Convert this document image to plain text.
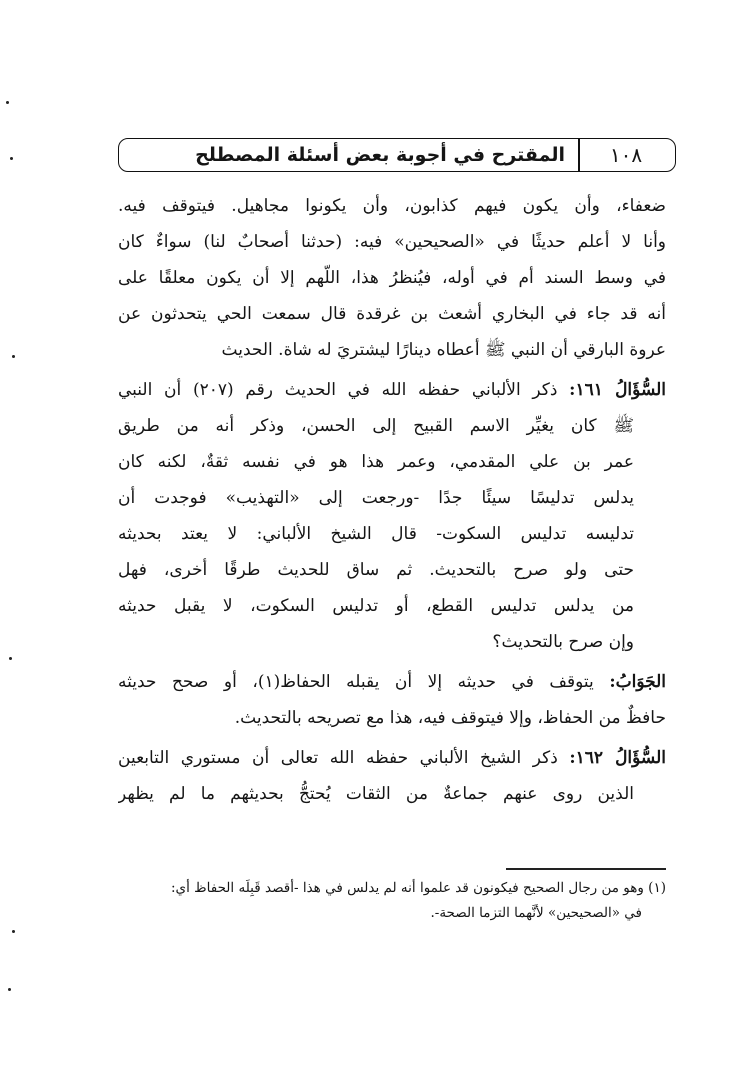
المقترح في أجوبة بعض أسئلة المصطلح	١٠٨
ضعفاء، وأن يكون فيهم كذابون، وأن يكونوا مجاهيل. فيتوقف فيه.
وأنا لا أعلم حديثًا في «الصحيحين» فيه: (حدثنا أصحابٌ لنا) سواءٌ كان
في وسط السند أم في أوله، فيُنظرُ هذا، اللّهم إلا أن يكون معلقًا على
أنه قد جاء في البخاري أشعث بن غرقدة قال سمعت الحي يتحدثون عن
عروة البارقي أن النبي ﷺ أعطاه دينارًا ليشتريَ له شاة. الحديث
السُّؤَالُ ١٦١: ذكر الألباني حفظه الله في الحديث رقم (٢٠٧) أن النبي
ﷺ كان يغيِّر الاسم القبيح إلى الحسن، وذكر أنه من طريق
عمر بن علي المقدمي، وعمر هذا هو في نفسه ثقةٌ، لكنه كان
يدلس تدليسًا سيئًا جدًا -ورجعت إلى «التهذيب» فوجدت أن
تدليسه تدليس السكوت- قال الشيخ الألباني: لا يعتد بحديثه
حتى ولو صرح بالتحديث. ثم ساق للحديث طرقًا أخرى، فهل
من يدلس تدليس القطع، أو تدليس السكوت، لا يقبل حديثه
وإن صرح بالتحديث؟
الجَوَابُ: يتوقف في حديثه إلا أن يقبله الحفاظ(١)، أو صحح حديثه
حافظٌ من الحفاظ، وإلا فيتوقف فيه، هذا مع تصريحه بالتحديث.
السُّؤَالُ ١٦٢: ذكر الشيخ الألباني حفظه الله تعالى أن مستوري التابعين
الذين روى عنهم جماعةٌ من الثقات يُحتجُّ بحديثهم ما لم يظهر
(١) وهو من رجال الصحيح فيكونون قد علموا أنه لم يدلس في هذا -أقصد قَبِلَه الحفاظ أي:
في «الصحيحين» لأنَّهما التزما الصحة-.
